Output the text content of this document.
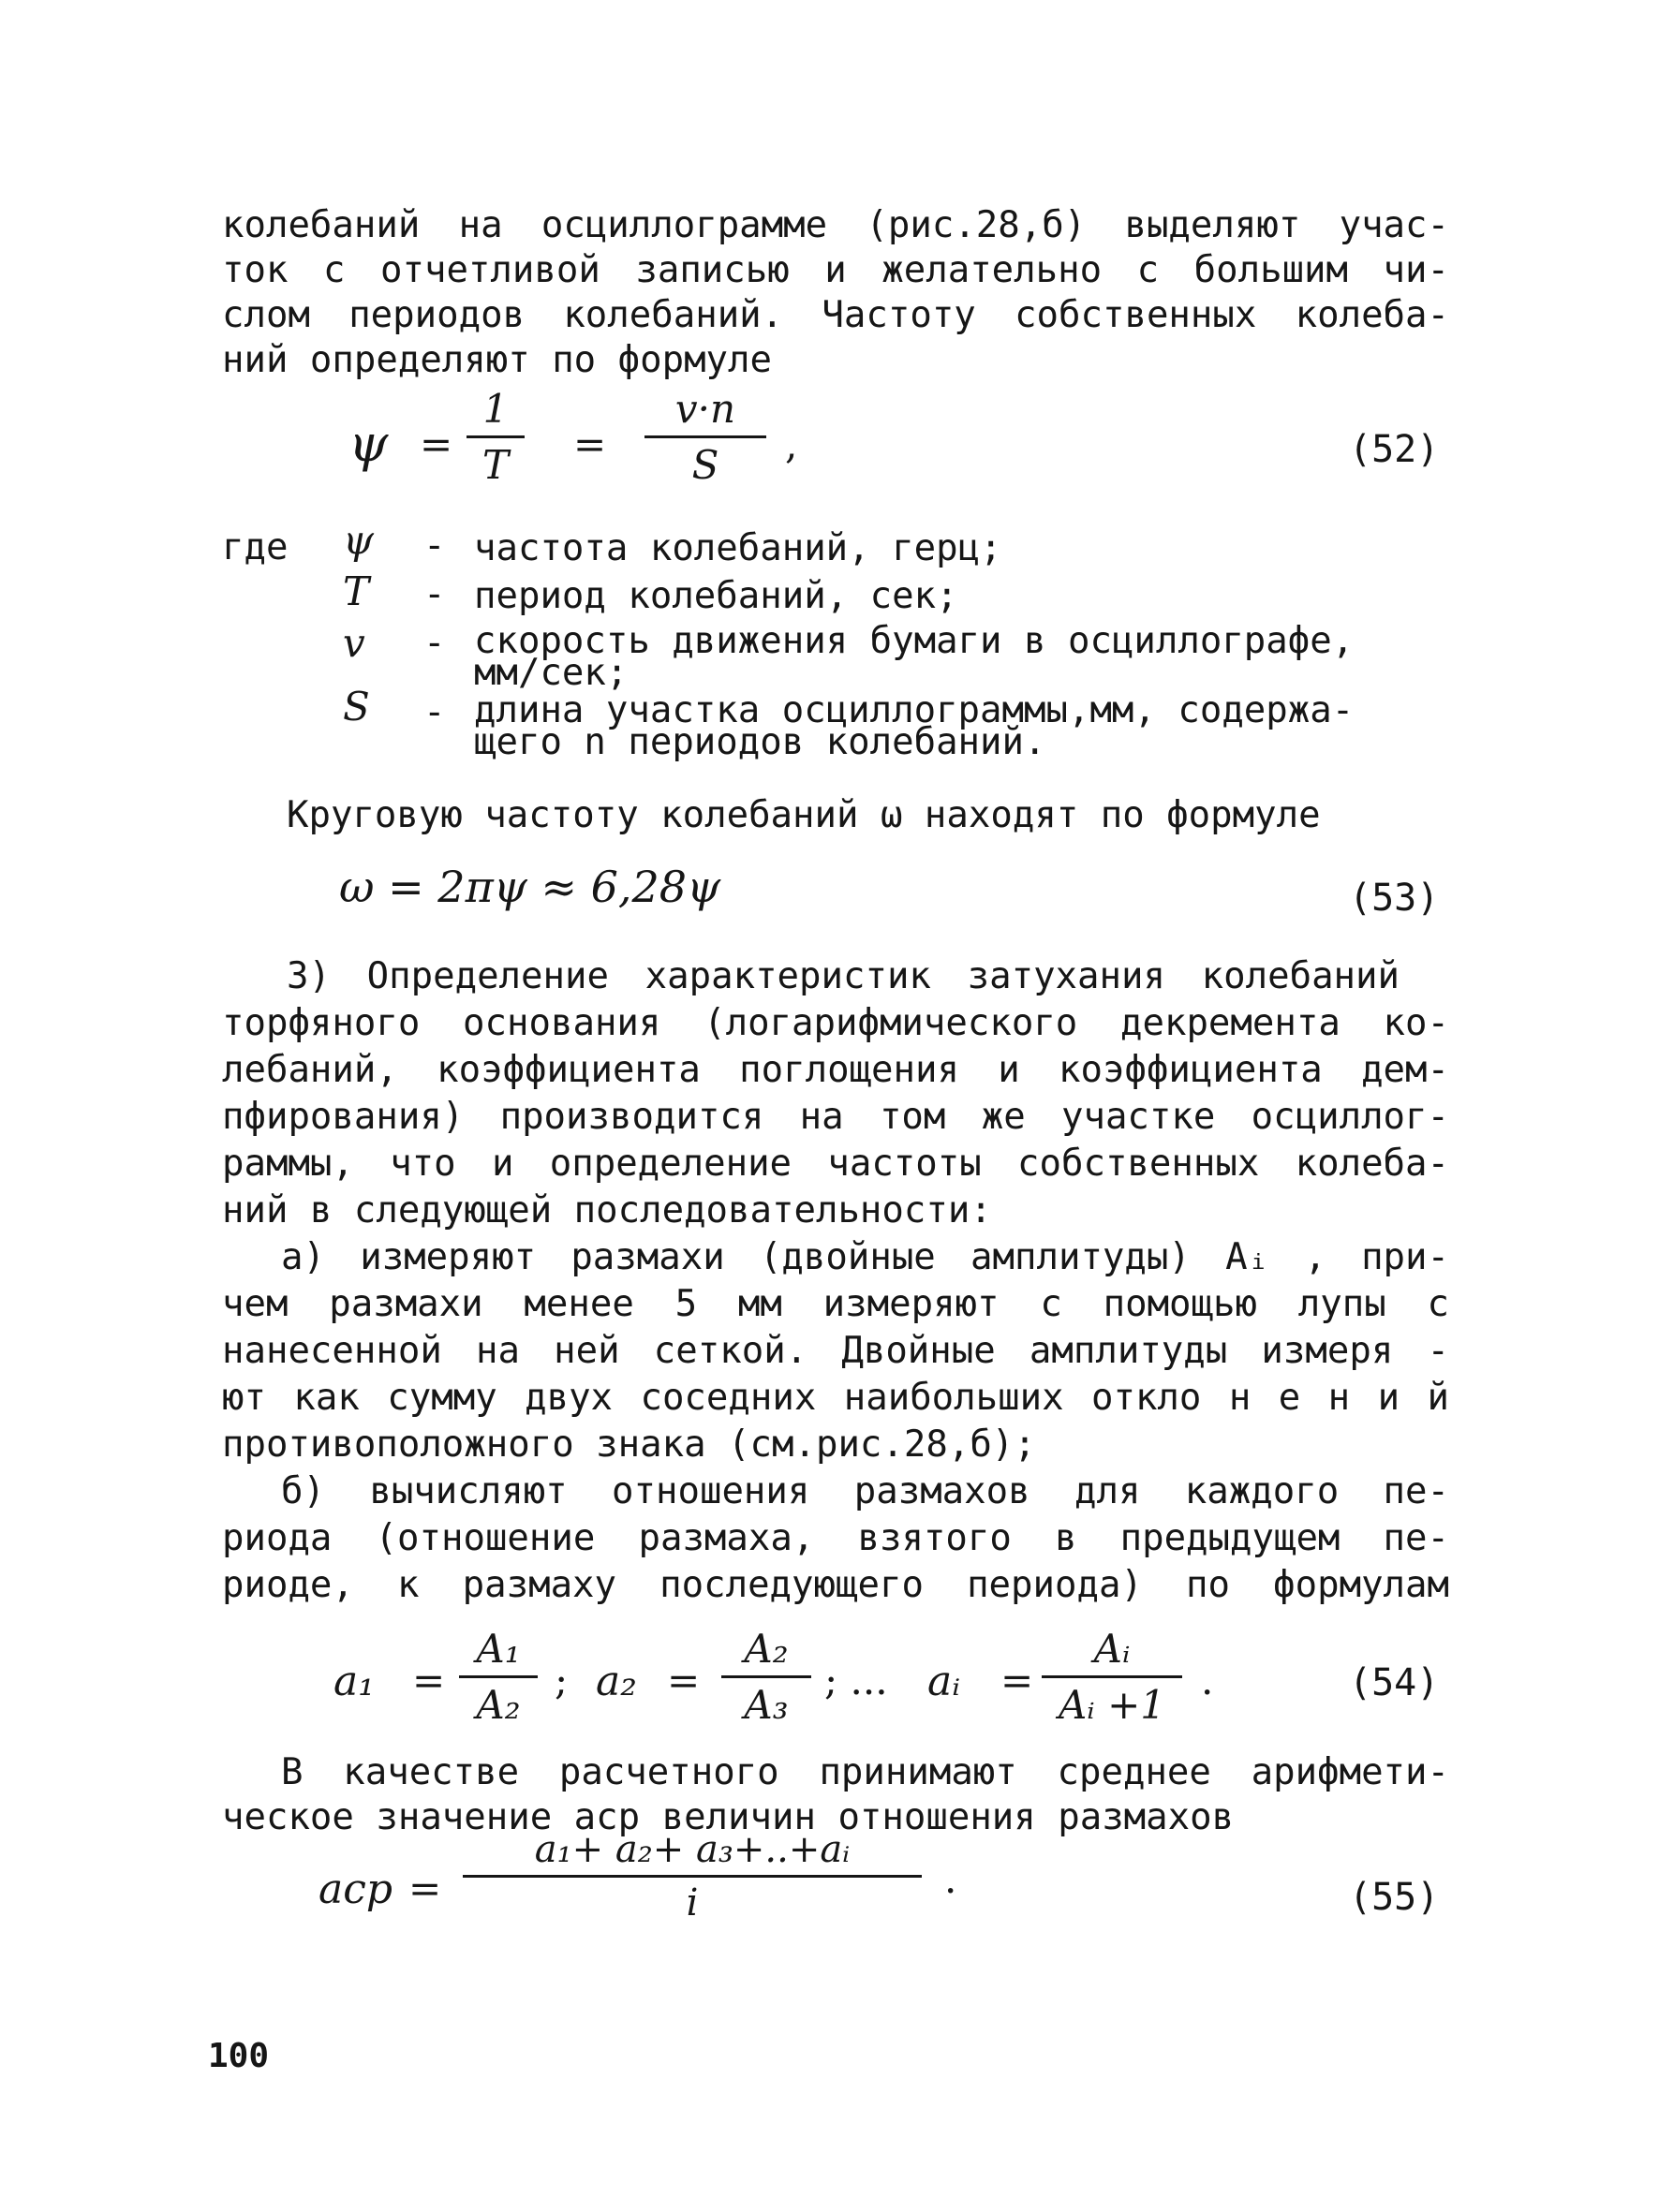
колебаний на осциллограмме (рис.28,б) выделяют учас-
ток с отчетливой записью и желательно с большим чи-
слом периодов колебаний. Частоту собственных колеба-
ний определяют по формуле
ψ =
1
T	=
v·n
S	,	(52)
где ψ - частота колебаний, герц;
T - период колебаний, сек;
v - скорость движения бумаги в осциллографе,
мм/сек;
S - длина участка осциллограммы,мм, содержа-
щего n периодов колебаний.
Круговую частоту колебаний ω находят по формуле
ω = 2πψ ≈ 6,28ψ	(53)
3) Определение характеристик затухания колебаний
торфяного основания (логарифмического декремента ко-
лебаний, коэффициента поглощения и коэффициента дем-
пфирования) производится на том же участке осциллог-
раммы, что и определение частоты собственных колеба-
ний в следующей последовательности:
а) измеряют размахи (двойные амплитуды) Aᵢ , при-
чем размахи менее 5 мм измеряют с помощью лупы с
нанесенной на ней сеткой. Двойные амплитуды измеря -
ют как сумму двух соседних наибольших откло н е н и й
противоположного знака (см.рис.28,б);
б) вычисляют отношения размахов для каждого пе-
риода (отношение размаха, взятого в предыдущем пе-
риоде, к размаху последующего периода) по формулам
a₁ =
A₁
A₂
; a₂ =
A₂
A₃
; ... aᵢ =
Aᵢ
Aᵢ +1
.	(54)
В качестве расчетного принимают среднее арифмети-
ческое значение aср величин отношения размахов
aср =
a₁+ a₂+ a₃+..+aᵢ
i
.	(55)
100
